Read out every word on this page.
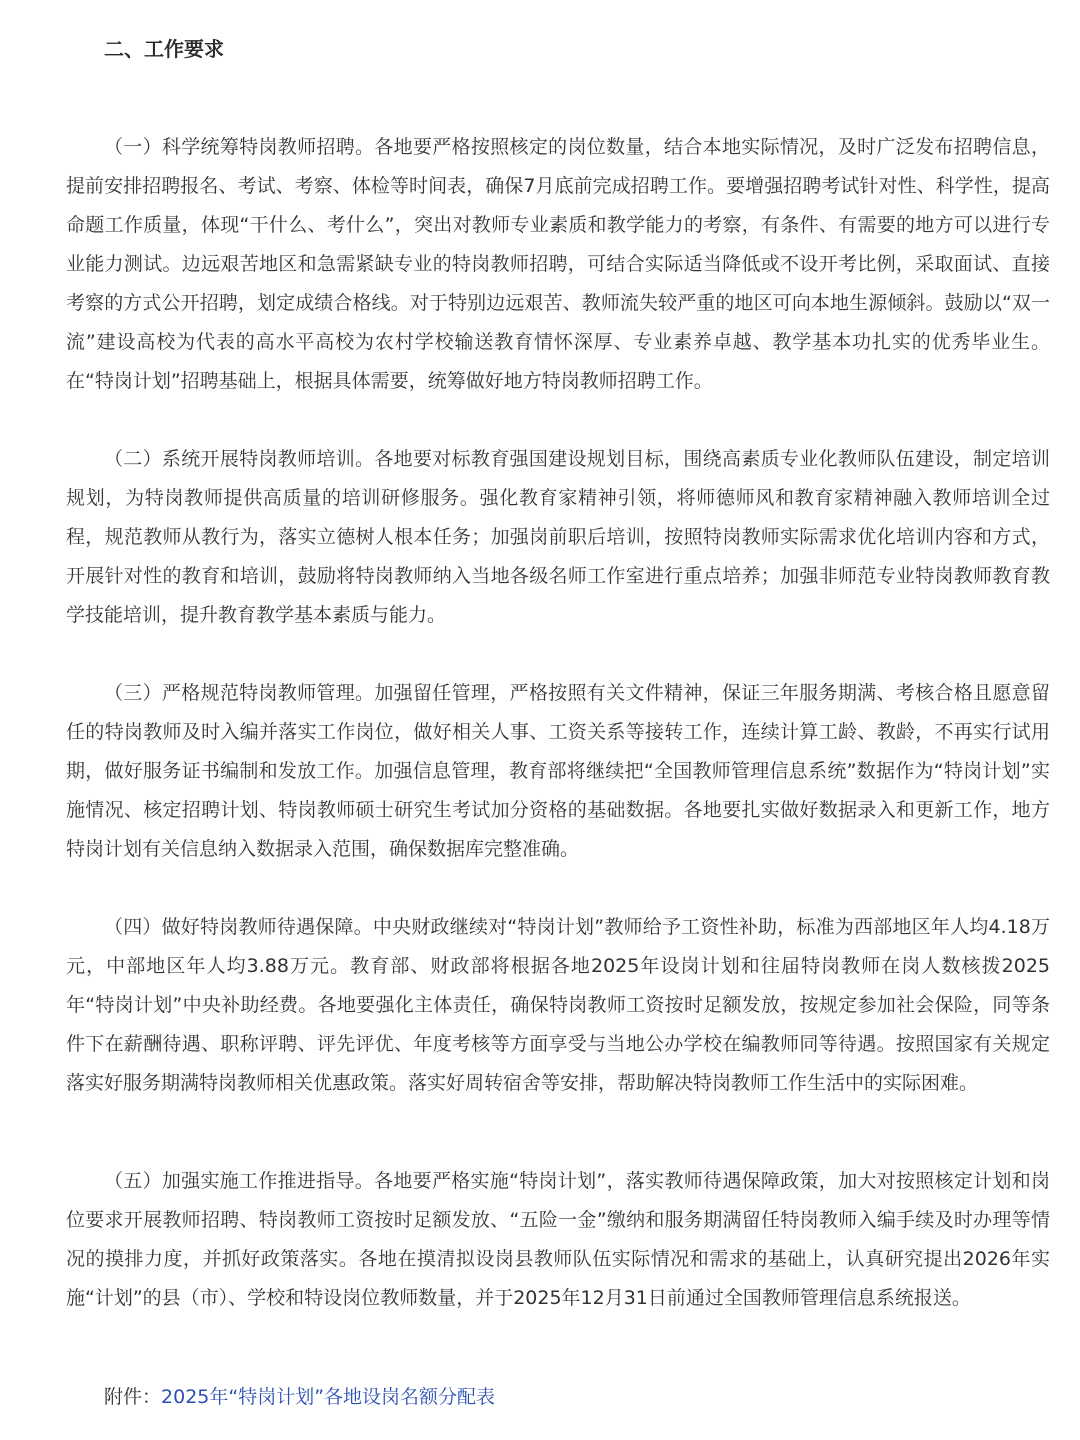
二、工作要求

（一）科学统筹特岗教师招聘。各地要严格按照核定的岗位数量，结合本地实际情况，及时广泛发布招聘信息，提前安排招聘报名、考试、考察、体检等时间表，确保7月底前完成招聘工作。要增强招聘考试针对性、科学性，提高命题工作质量，体现“干什么、考什么”，突出对教师专业素质和教学能力的考察，有条件、有需要的地方可以进行专业能力测试。边远艰苦地区和急需紧缺专业的特岗教师招聘，可结合实际适当降低或不设开考比例，采取面试、直接考察的方式公开招聘，划定成绩合格线。对于特别边远艰苦、教师流失较严重的地区可向本地生源倾斜。鼓励以“双一流”建设高校为代表的高水平高校为农村学校输送教育情怀深厚、专业素养卓越、教学基本功扎实的优秀毕业生。在“特岗计划”招聘基础上，根据具体需要，统筹做好地方特岗教师招聘工作。

（二）系统开展特岗教师培训。各地要对标教育强国建设规划目标，围绕高素质专业化教师队伍建设，制定培训规划，为特岗教师提供高质量的培训研修服务。强化教育家精神引领，将师德师风和教育家精神融入教师培训全过程，规范教师从教行为，落实立德树人根本任务；加强岗前职后培训，按照特岗教师实际需求优化培训内容和方式，开展针对性的教育和培训，鼓励将特岗教师纳入当地各级名师工作室进行重点培养；加强非师范专业特岗教师教育教学技能培训，提升教育教学基本素质与能力。

（三）严格规范特岗教师管理。加强留任管理，严格按照有关文件精神，保证三年服务期满、考核合格且愿意留任的特岗教师及时入编并落实工作岗位，做好相关人事、工资关系等接转工作，连续计算工龄、教龄，不再实行试用期，做好服务证书编制和发放工作。加强信息管理，教育部将继续把“全国教师管理信息系统”数据作为“特岗计划”实施情况、核定招聘计划、特岗教师硕士研究生考试加分资格的基础数据。各地要扎实做好数据录入和更新工作，地方特岗计划有关信息纳入数据录入范围，确保数据库完整准确。

（四）做好特岗教师待遇保障。中央财政继续对“特岗计划”教师给予工资性补助，标准为西部地区年人均4.18万元，中部地区年人均3.88万元。教育部、财政部将根据各地2025年设岗计划和往届特岗教师在岗人数核拨2025年“特岗计划”中央补助经费。各地要强化主体责任，确保特岗教师工资按时足额发放，按规定参加社会保险，同等条件下在薪酬待遇、职称评聘、评先评优、年度考核等方面享受与当地公办学校在编教师同等待遇。按照国家有关规定落实好服务期满特岗教师相关优惠政策。落实好周转宿舍等安排，帮助解决特岗教师工作生活中的实际困难。

（五）加强实施工作推进指导。各地要严格实施“特岗计划”，落实教师待遇保障政策，加大对按照核定计划和岗位要求开展教师招聘、特岗教师工资按时足额发放、“五险一金”缴纳和服务期满留任特岗教师入编手续及时办理等情况的摸排力度，并抓好政策落实。各地在摸清拟设岗县教师队伍实际情况和需求的基础上，认真研究提出2026年实施“计划”的县（市）、学校和特设岗位教师数量，并于2025年12月31日前通过全国教师管理信息系统报送。

附件：2025年“特岗计划”各地设岗名额分配表
